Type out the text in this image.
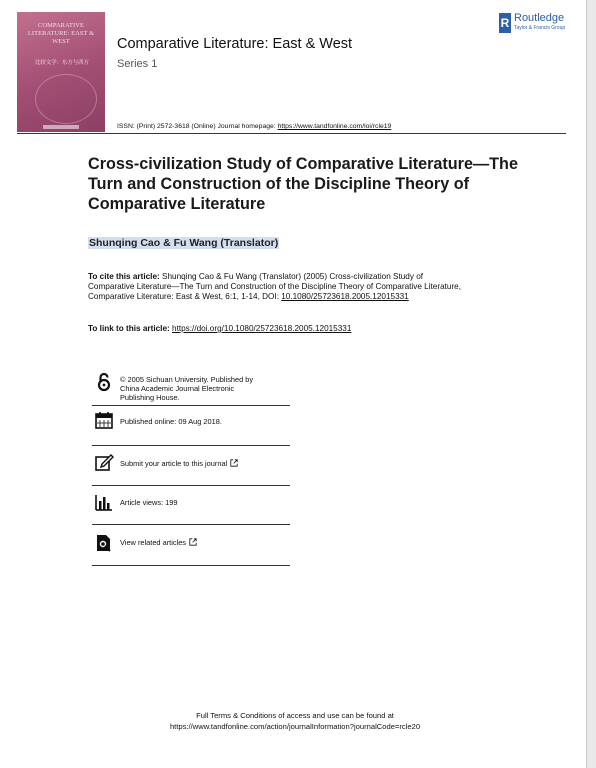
COMPARATIVE LITERATURE: EAST & WEST
比较文学：东方与西方
Comparative Literature: East & West
Series 1
R Routledge
Taylor & Francis Group
ISSN: (Print) 2572-3618 (Online) Journal homepage: https://www.tandfonline.com/loi/rcle19
Cross-civilization Study of Comparative Literature—The Turn and Construction of the Discipline Theory of Comparative Literature
Shunqing Cao & Fu Wang (Translator)
To cite this article: Shunqing Cao & Fu Wang (Translator) (2005) Cross-civilization Study of Comparative Literature—The Turn and Construction of the Discipline Theory of Comparative Literature, Comparative Literature: East & West, 6:1, 1-14, DOI: 10.1080/25723618.2005.12015331
To link to this article: https://doi.org/10.1080/25723618.2005.12015331
© 2005 Sichuan University. Published by China Academic Journal Electronic Publishing House.
Published online: 09 Aug 2018.
Submit your article to this journal
Article views: 199
View related articles
Full Terms & Conditions of access and use can be found at
https://www.tandfonline.com/action/journalInformation?journalCode=rcle20
